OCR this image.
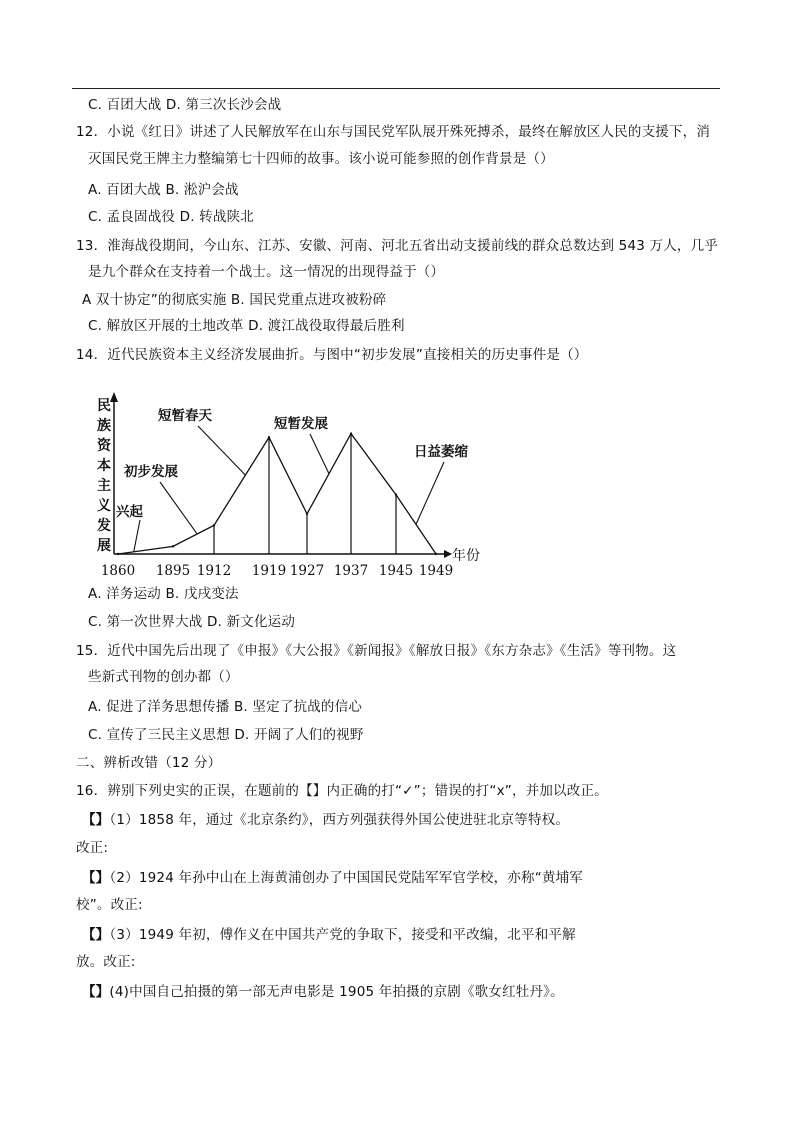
C. 百团大战 D. 第三次长沙会战
12．小说《红日》讲述了人民解放军在山东与国民党军队展开殊死搏杀，最终在解放区人民的支援下，消
灭国民党王牌主力整编第七十四师的故事。该小说可能参照的创作背景是（）
A. 百团大战 B. 淞沪会战
C. 孟良固战役 D. 转战陕北
13．淮海战役期间，今山东、江苏、安徽、河南、河北五省出动支援前线的群众总数达到 543 万人，几乎
是九个群众在支持着一个战士。这一情况的出现得益于（）
A 双十协定”的彻底实施 B. 国民党重点进攻被粉碎
C. 解放区开展的土地改革 D. 渡江战役取得最后胜利
14．近代民族资本主义经济发展曲折。与图中“初步发展”直接相关的历史事件是（）
民
族
资
本
主
义
发
展
1860 1895 1912 1919 1927 1937 1945 1949
兴起
初步发展
短暂春天	短暂发展
日益萎缩
年份
A. 洋务运动 B. 戊戌变法
C. 第一次世界大战 D. 新文化运动
15．近代中国先后出现了《申报》《大公报》《新闻报》《解放日报》《东方杂志》《生活》等刊物。这
些新式刊物的创办都（）
A. 促进了洋务思想传播 B. 坚定了抗战的信心
C. 宣传了三民主义思想 D. 开阔了人们的视野
二、辨析改错（12 分）
16．辨别下列史实的正误，在题前的【】内正确的打“✓”；错误的打“x”，并加以改正。
【】（1）1858 年，通过《北京条约》，西方列强获得外国公使进驻北京等特权。
改正:
【】（2）1924 年孙中山在上海黄浦创办了中国国民党陆军军官学校，亦称“黄埔军
校”。改正:
【】（3）1949 年初，傅作义在中国共产党的争取下，接受和平改编，北平和平解
放。改正:
【】(4)中国自己拍摄的第一部无声电影是 1905 年拍摄的京剧《歌女红牡丹》。
